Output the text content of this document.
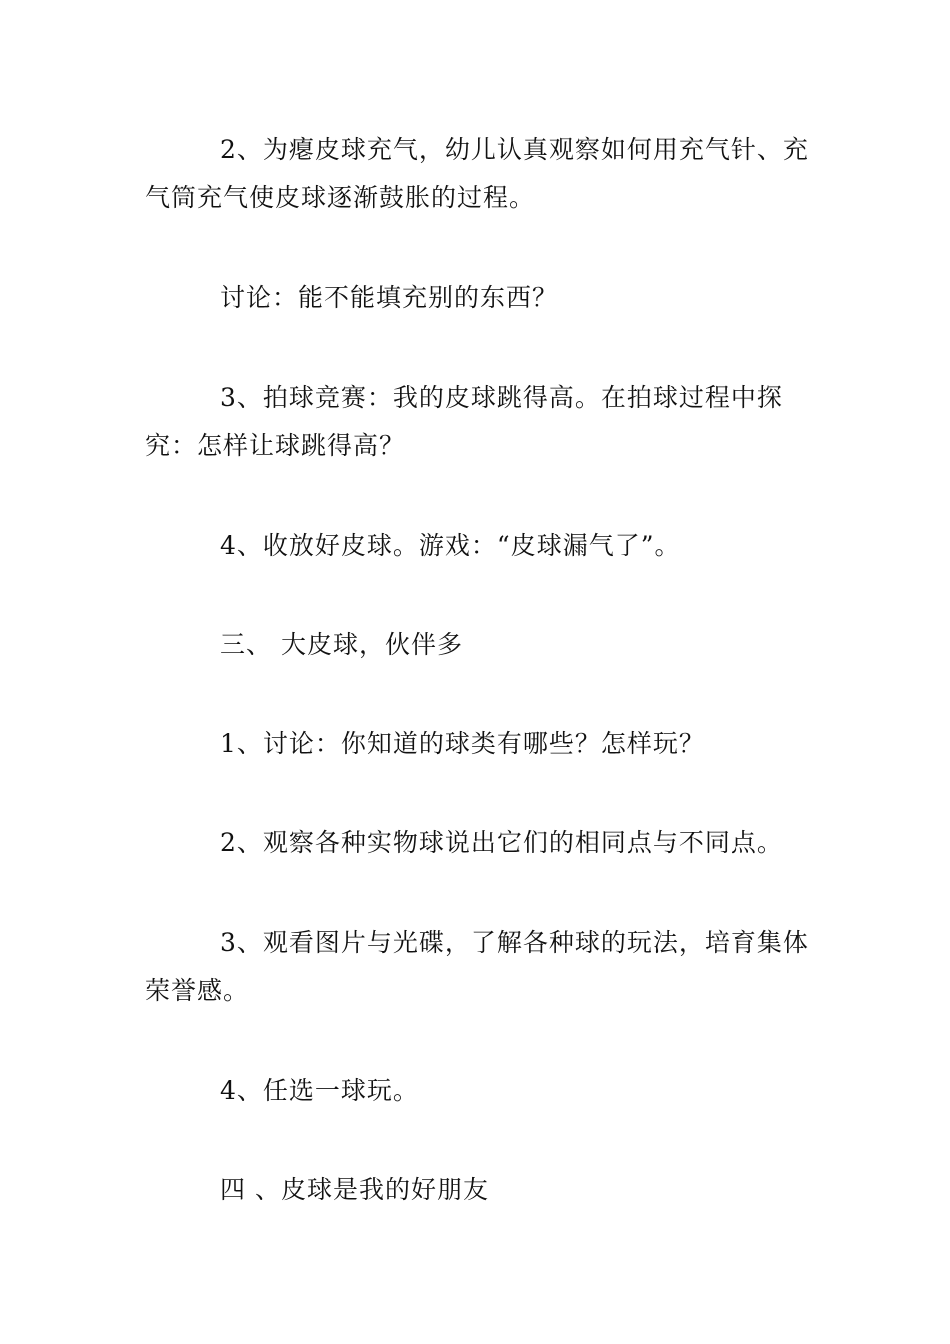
2、为瘪皮球充气，幼儿认真观察如何用充气针、充气筒充气使皮球逐渐鼓胀的过程。

讨论：能不能填充别的东西？

3、拍球竞赛：我的皮球跳得高。在拍球过程中探究：怎样让球跳得高？

4、收放好皮球。游戏：“皮球漏气了”。

三、 大皮球，伙伴多

1、讨论：你知道的球类有哪些？怎样玩？

2、观察各种实物球说出它们的相同点与不同点。

3、观看图片与光碟，了解各种球的玩法，培育集体荣誉感。

4、任选一球玩。

四 、皮球是我的好朋友
